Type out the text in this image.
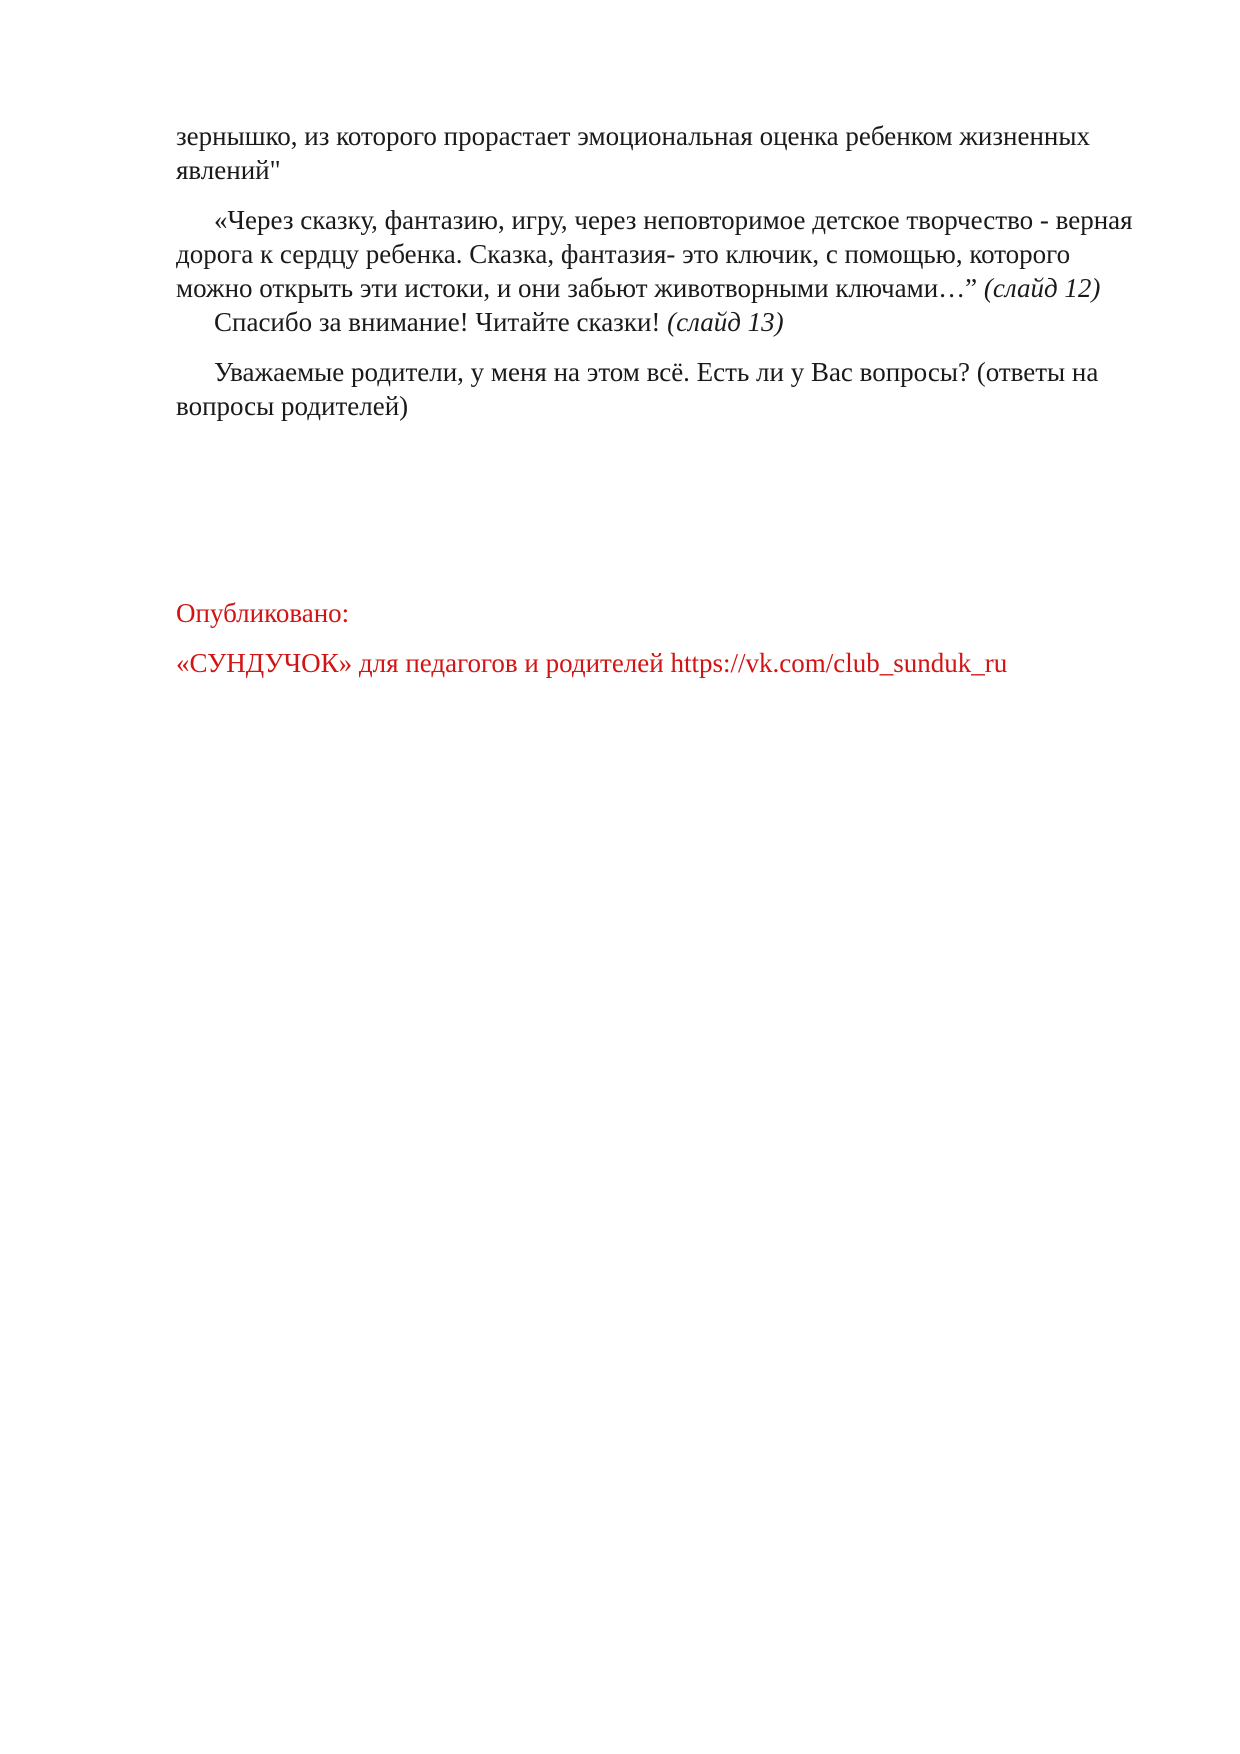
зернышко, из которого прорастает эмоциональная оценка ребенком жизненных явлений"

«Через сказку, фантазию, игру, через неповторимое детское творчество - верная дорога к сердцу ребенка. Сказка, фантазия- это ключик, с помощью, которого можно открыть эти истоки, и они забьют животворными ключами…” (слайд 12)

Спасибо за внимание! Читайте сказки! (слайд 13)

Уважаемые родители, у меня на этом всё. Есть ли у Вас вопросы? (ответы на вопросы родителей)

Опубликовано:
«СУНДУЧОК» для педагогов и родителей https://vk.com/club_sunduk_ru
